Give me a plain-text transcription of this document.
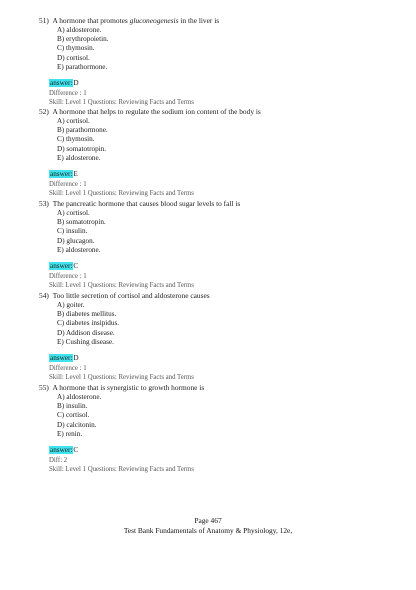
51) A hormone that promotes gluconeogenesis in the liver is
A) aldosterone.
B) erythropoietin.
C) thymosin.
D) cortisol.
E) parathormone.
answer:D
Difference : 1
Skill: Level 1 Questions: Reviewing Facts and Terms
52) A hormone that helps to regulate the sodium ion content of the body is
A) cortisol.
B) parathormone.
C) thymosin.
D) somatotropin.
E) aldosterone.
answer:E
Difference : 1
Skill: Level 1 Questions: Reviewing Facts and Terms
53) The pancreatic hormone that causes blood sugar levels to fall is
A) cortisol.
B) somatotropin.
C) insulin.
D) glucagon.
E) aldosterone.
answer:C
Difference : 1
Skill: Level 1 Questions: Reviewing Facts and Terms
54) Too little secretion of cortisol and aldosterone causes
A) goiter.
B) diabetes mellitus.
C) diabetes insipidus.
D) Addison disease.
E) Cushing disease.
answer:D
Difference : 1
Skill: Level 1 Questions: Reviewing Facts and Terms
55) A hormone that is synergistic to growth hormone is
A) aldosterone.
B) insulin.
C) cortisol.
D) calcitonin.
E) renin.
answer:C
Diff: 2
Skill: Level 1 Questions: Reviewing Facts and Terms
Page 467
Test Bank Fundamentals of Anatomy & Physiology, 12e,
